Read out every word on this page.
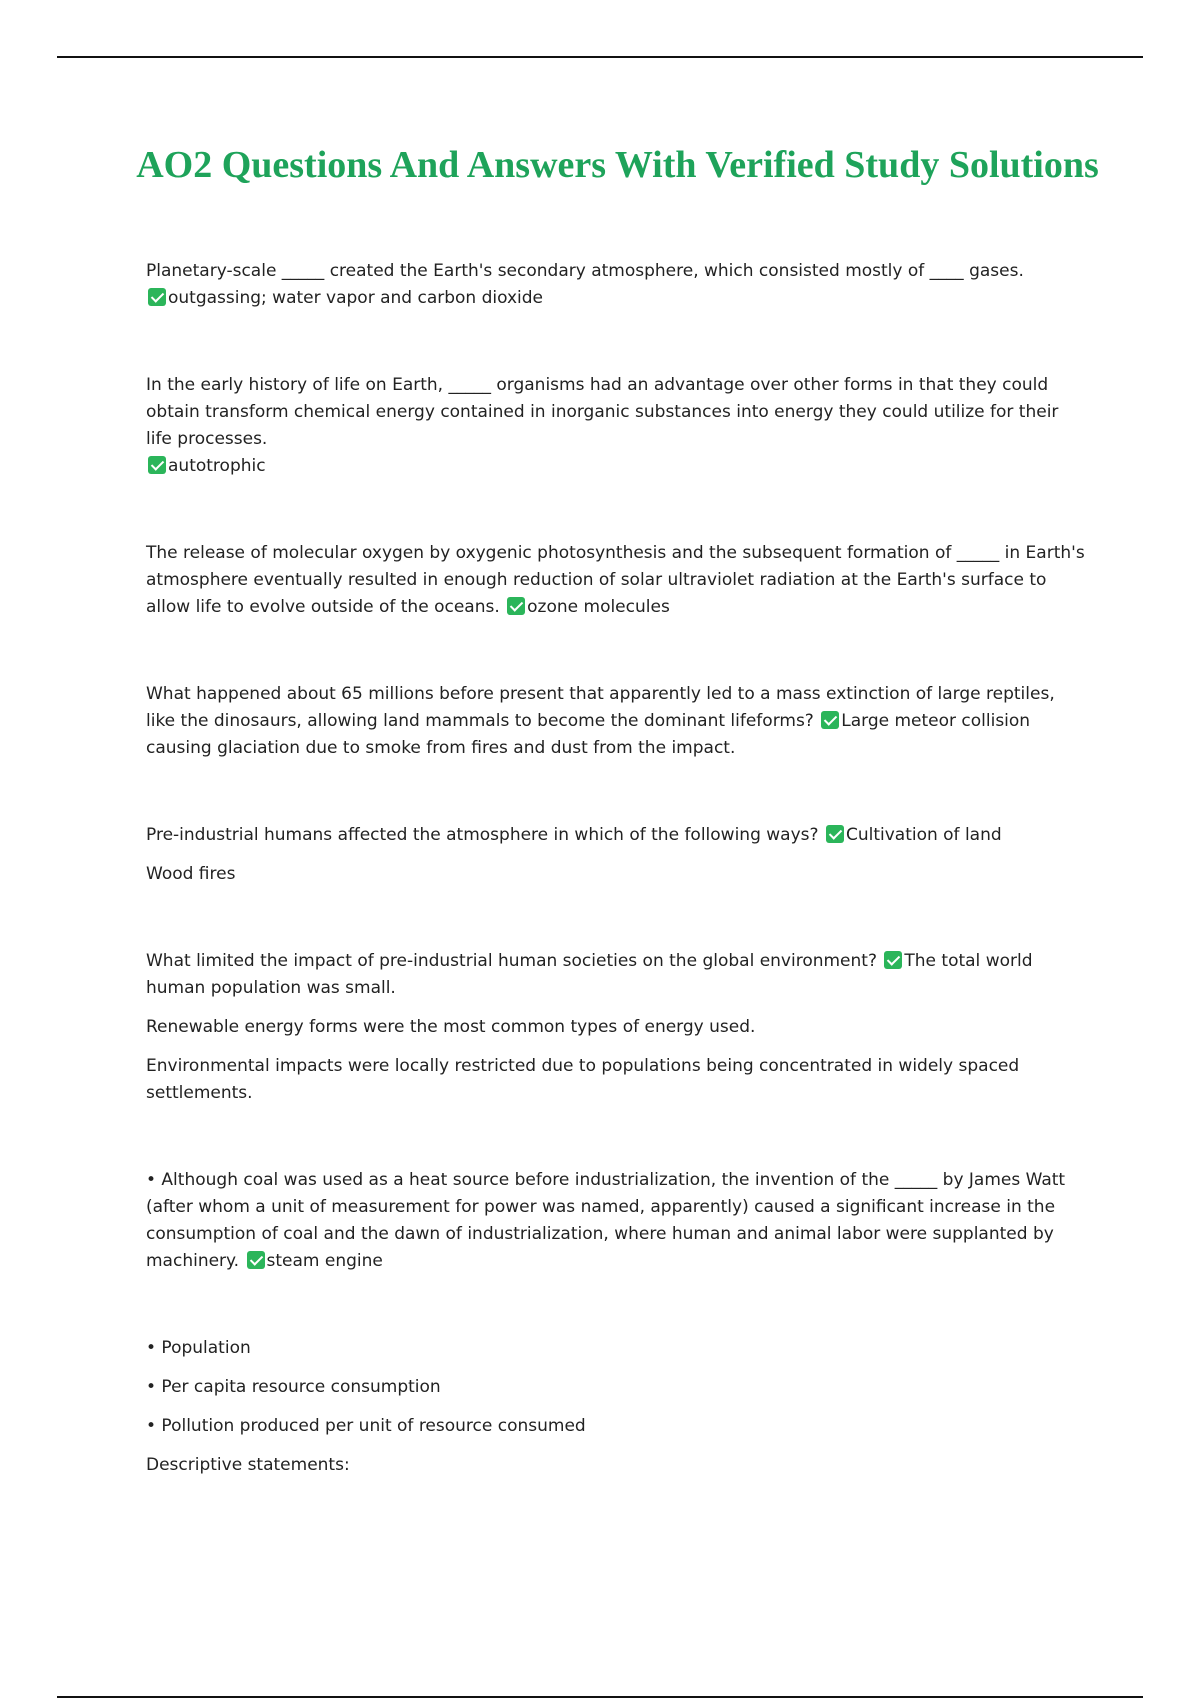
AO2 Questions And Answers With Verified Study Solutions

Planetary-scale _____ created the Earth's secondary atmosphere, which consisted mostly of ____ gases.
outgassing; water vapor and carbon dioxide

In the early history of life on Earth, _____ organisms had an advantage over other forms in that they could obtain transform chemical energy contained in inorganic substances into energy they could utilize for their life processes.
autotrophic

The release of molecular oxygen by oxygenic photosynthesis and the subsequent formation of _____ in Earth's atmosphere eventually resulted in enough reduction of solar ultraviolet radiation at the Earth's surface to allow life to evolve outside of the oceans. ozone molecules

What happened about 65 millions before present that apparently led to a mass extinction of large reptiles, like the dinosaurs, allowing land mammals to become the dominant lifeforms? Large meteor collision causing glaciation due to smoke from fires and dust from the impact.

Pre-industrial humans affected the atmosphere in which of the following ways? Cultivation of land

Wood fires

What limited the impact of pre-industrial human societies on the global environment? The total world human population was small.

Renewable energy forms were the most common types of energy used.

Environmental impacts were locally restricted due to populations being concentrated in widely spaced settlements.

• Although coal was used as a heat source before industrialization, the invention of the _____ by James Watt (after whom a unit of measurement for power was named, apparently) caused a significant increase in the consumption of coal and the dawn of industrialization, where human and animal labor were supplanted by machinery. steam engine

• Population

• Per capita resource consumption

• Pollution produced per unit of resource consumed

Descriptive statements:
